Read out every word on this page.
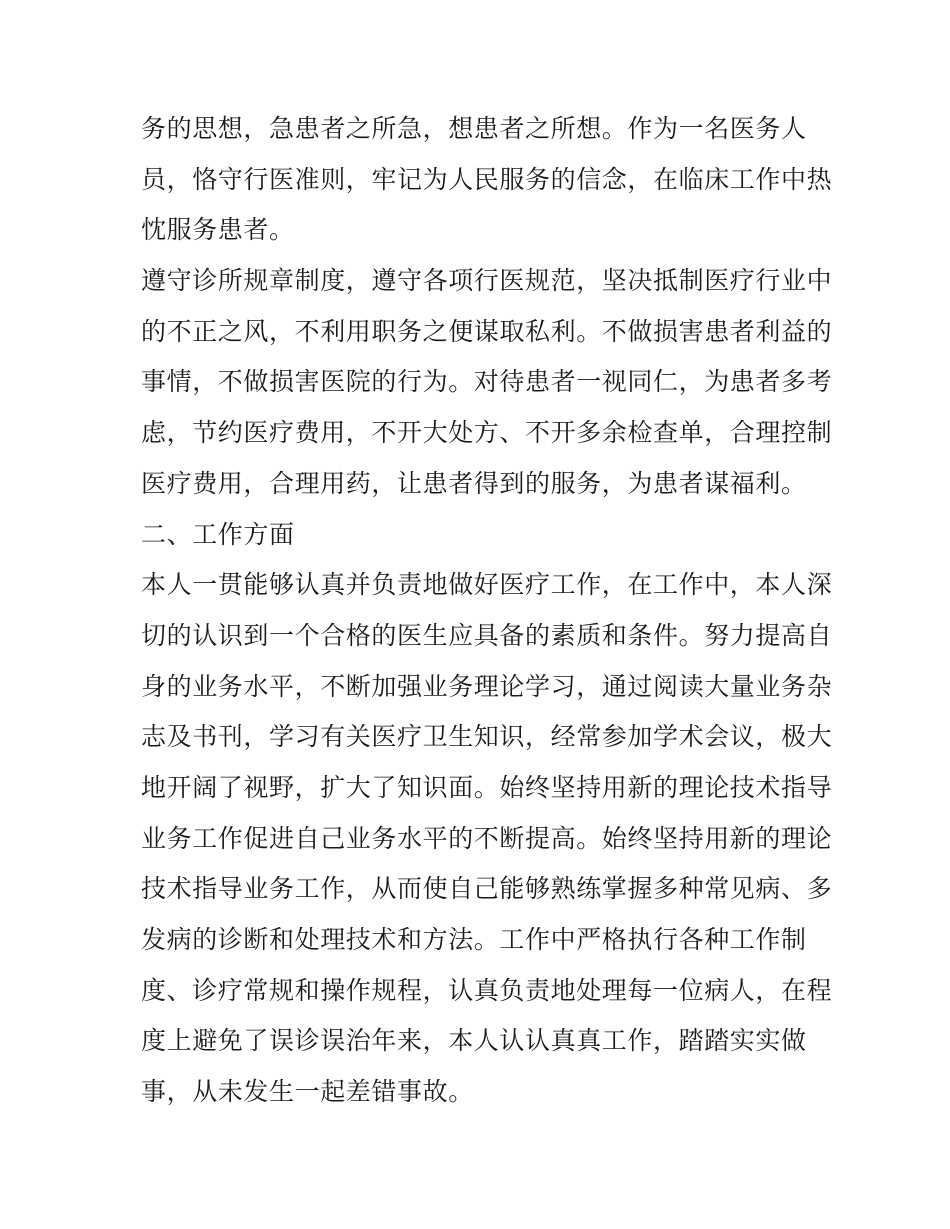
务的思想，急患者之所急，想患者之所想。作为一名医务人
员，恪守行医准则，牢记为人民服务的信念，在临床工作中热
忱服务患者。
遵守诊所规章制度，遵守各项行医规范，坚决抵制医疗行业中
的不正之风，不利用职务之便谋取私利。不做损害患者利益的
事情，不做损害医院的行为。对待患者一视同仁，为患者多考
虑，节约医疗费用，不开大处方、不开多余检查单，合理控制
医疗费用，合理用药，让患者得到的服务，为患者谋福利。
二、工作方面
本人一贯能够认真并负责地做好医疗工作，在工作中，本人深
切的认识到一个合格的医生应具备的素质和条件。努力提高自
身的业务水平，不断加强业务理论学习，通过阅读大量业务杂
志及书刊，学习有关医疗卫生知识，经常参加学术会议，极大
地开阔了视野，扩大了知识面。始终坚持用新的理论技术指导
业务工作促进自己业务水平的不断提高。始终坚持用新的理论
技术指导业务工作，从而使自己能够熟练掌握多种常见病、多
发病的诊断和处理技术和方法。工作中严格执行各种工作制
度、诊疗常规和操作规程，认真负责地处理每一位病人，在程
度上避免了误诊误治年来，本人认认真真工作，踏踏实实做
事，从未发生一起差错事故。
